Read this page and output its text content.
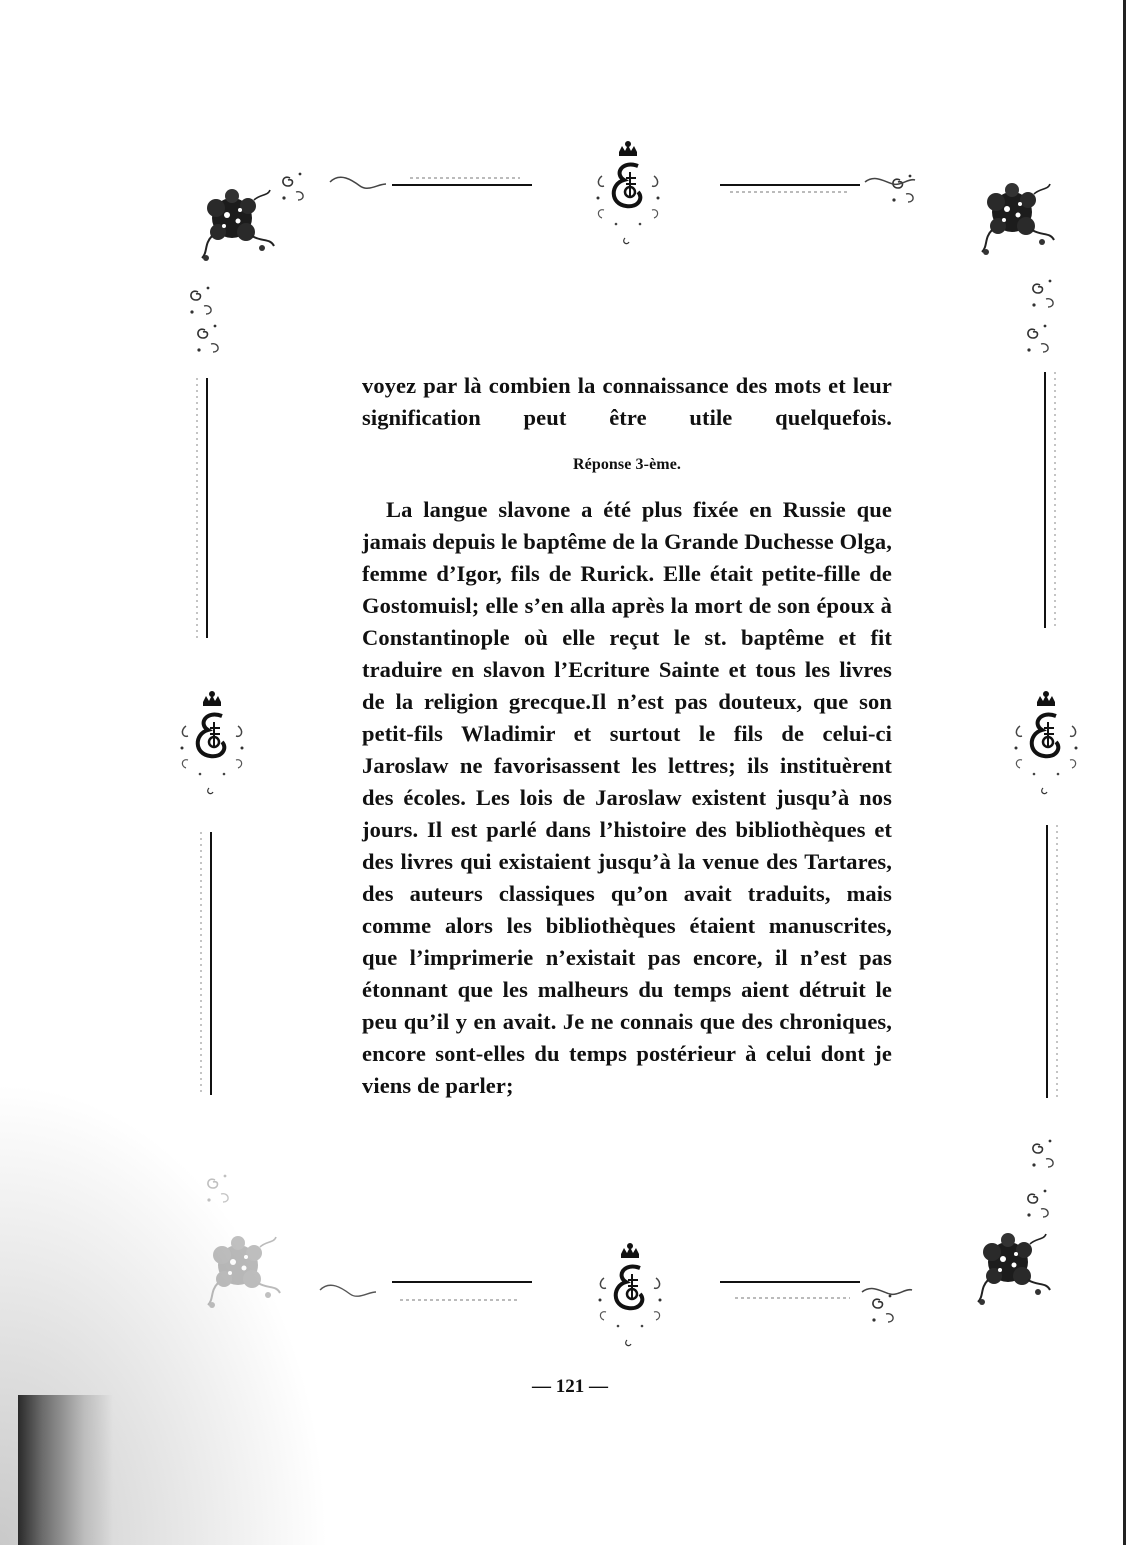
voyez par là combien la connaissance des mots et leur signification peut être utile quelquefois.

Réponse 3-ème.

La langue slavone a été plus fixée en Russie que jamais depuis le baptême de la Grande Duchesse Olga, femme d’Igor, fils de Rurick. Elle était petite-fille de Gostomuisl; elle s’en alla après la mort de son époux à Constantinople où elle reçut le st. baptême et fit traduire en slavon l’Ecriture Sainte et tous les livres de la religion grecque.Il n’est pas douteux, que son petit-fils Wladimir et surtout le fils de celui-ci Jaroslaw ne favorisassent les lettres; ils instituèrent des écoles. Les lois de Jaroslaw existent jusqu’à nos jours. Il est parlé dans l’histoire des bibliothèques et des livres qui existaient jusqu’à la venue des Tartares, des auteurs classiques qu’on avait traduits, mais comme alors les bibliothèques étaient manuscrites, que l’imprimerie n’existait pas encore, il n’est pas étonnant que les malheurs du temps aient détruit le peu qu’il y en avait. Je ne connais que des chroniques, encore sont-elles du temps postérieur à celui dont je viens de parler;

— 121 —
